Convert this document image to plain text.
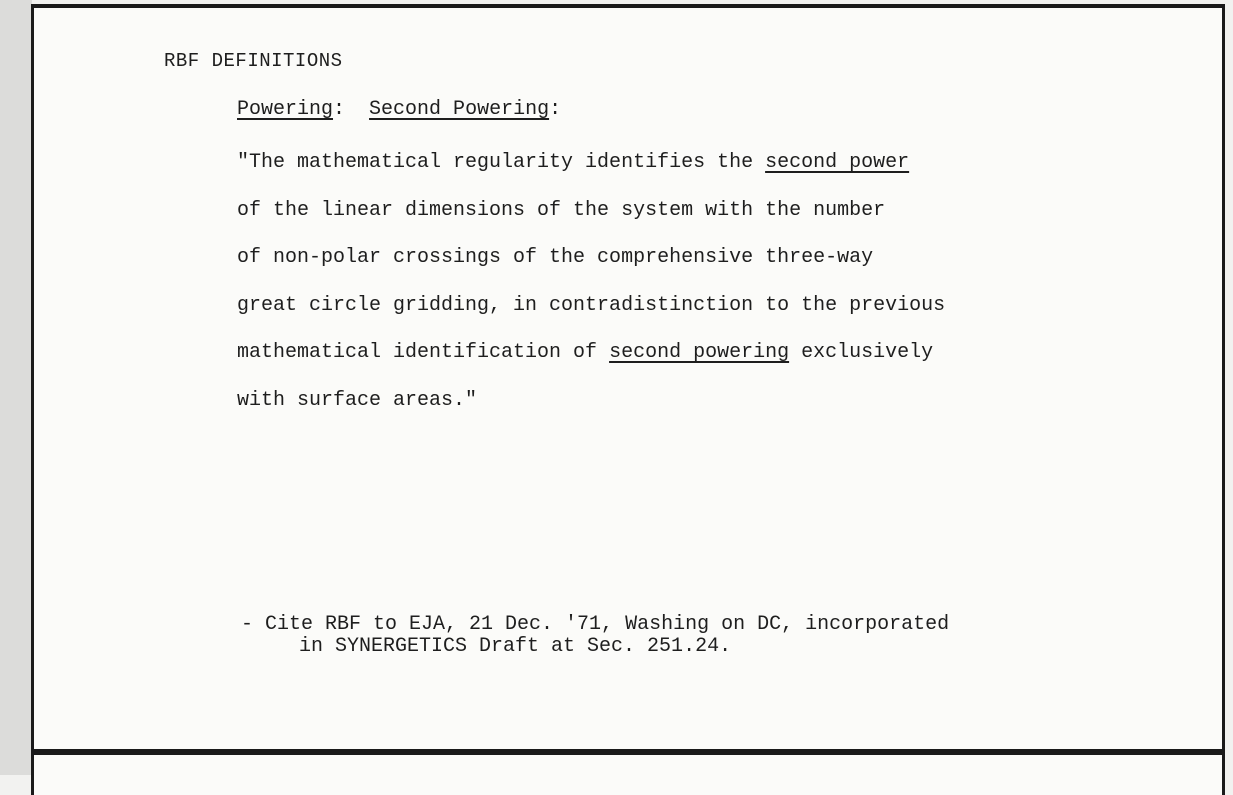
RBF DEFINITIONS
Powering: Second Powering:
"The mathematical regularity identifies the second power
of the linear dimensions of the system with the number
of non-polar crossings of the comprehensive three-way
great circle gridding, in contradistinction to the previous
mathematical identification of second powering exclusively
with surface areas."
- Cite RBF to EJA, 21 Dec. '71, Washing on DC, incorporated
in SYNERGETICS Draft at Sec. 251.24.
